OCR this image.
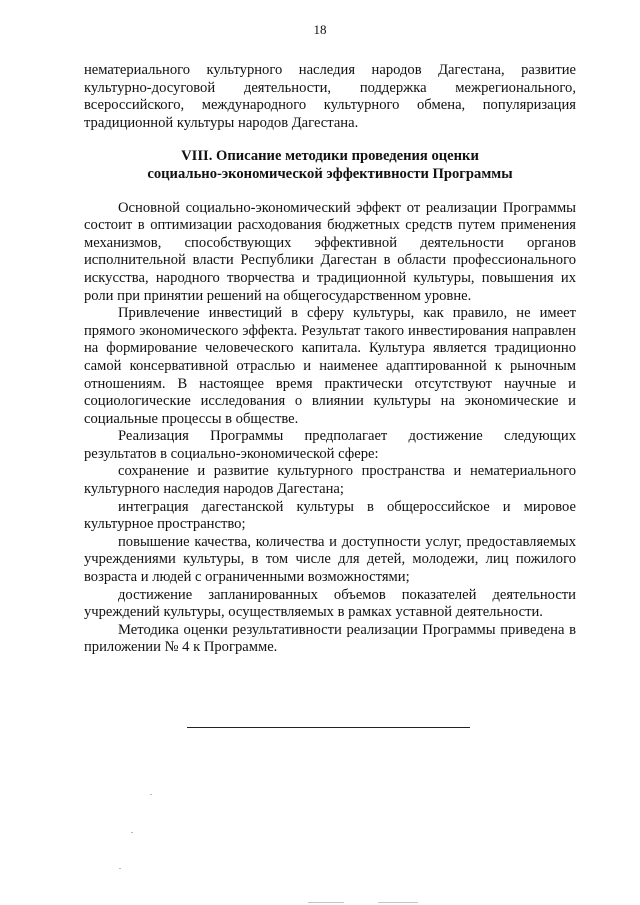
18

нематериального культурного наследия народов Дагестана, развитие культурно-досуговой деятельности, поддержка межрегионального, всероссийского, международного культурного обмена, популяризация традиционной культуры народов Дагестана.

VIII. Описание методики проведения оценки
социально-экономической эффективности Программы

Основной социально-экономический эффект от реализации Программы состоит в оптимизации расходования бюджетных средств путем применения механизмов, способствующих эффективной деятельности органов исполнительной власти Республики Дагестан в области профессионального искусства, народного творчества и традиционной культуры, повышения их роли при принятии решений на общегосударственном уровне.

Привлечение инвестиций в сферу культуры, как правило, не имеет прямого экономического эффекта. Результат такого инвестирования направлен на формирование человеческого капитала. Культура является традиционно самой консервативной отраслью и наименее адаптированной к рыночным отношениям. В настоящее время практически отсутствуют научные и социологические исследования о влиянии культуры на экономические и социальные процессы в обществе.

Реализация Программы предполагает достижение следующих результатов в социально-экономической сфере:

сохранение и развитие культурного пространства и нематериального культурного наследия народов Дагестана;

интеграция дагестанской культуры в общероссийское и мировое культурное пространство;

повышение качества, количества и доступности услуг, предоставляемых учреждениями культуры, в том числе для детей, молодежи, лиц пожилого возраста и людей с ограниченными возможностями;

достижение запланированных объемов показателей деятельности учреждений культуры, осуществляемых в рамках уставной деятельности.

Методика оценки результативности реализации Программы приведена в приложении № 4 к Программе.
